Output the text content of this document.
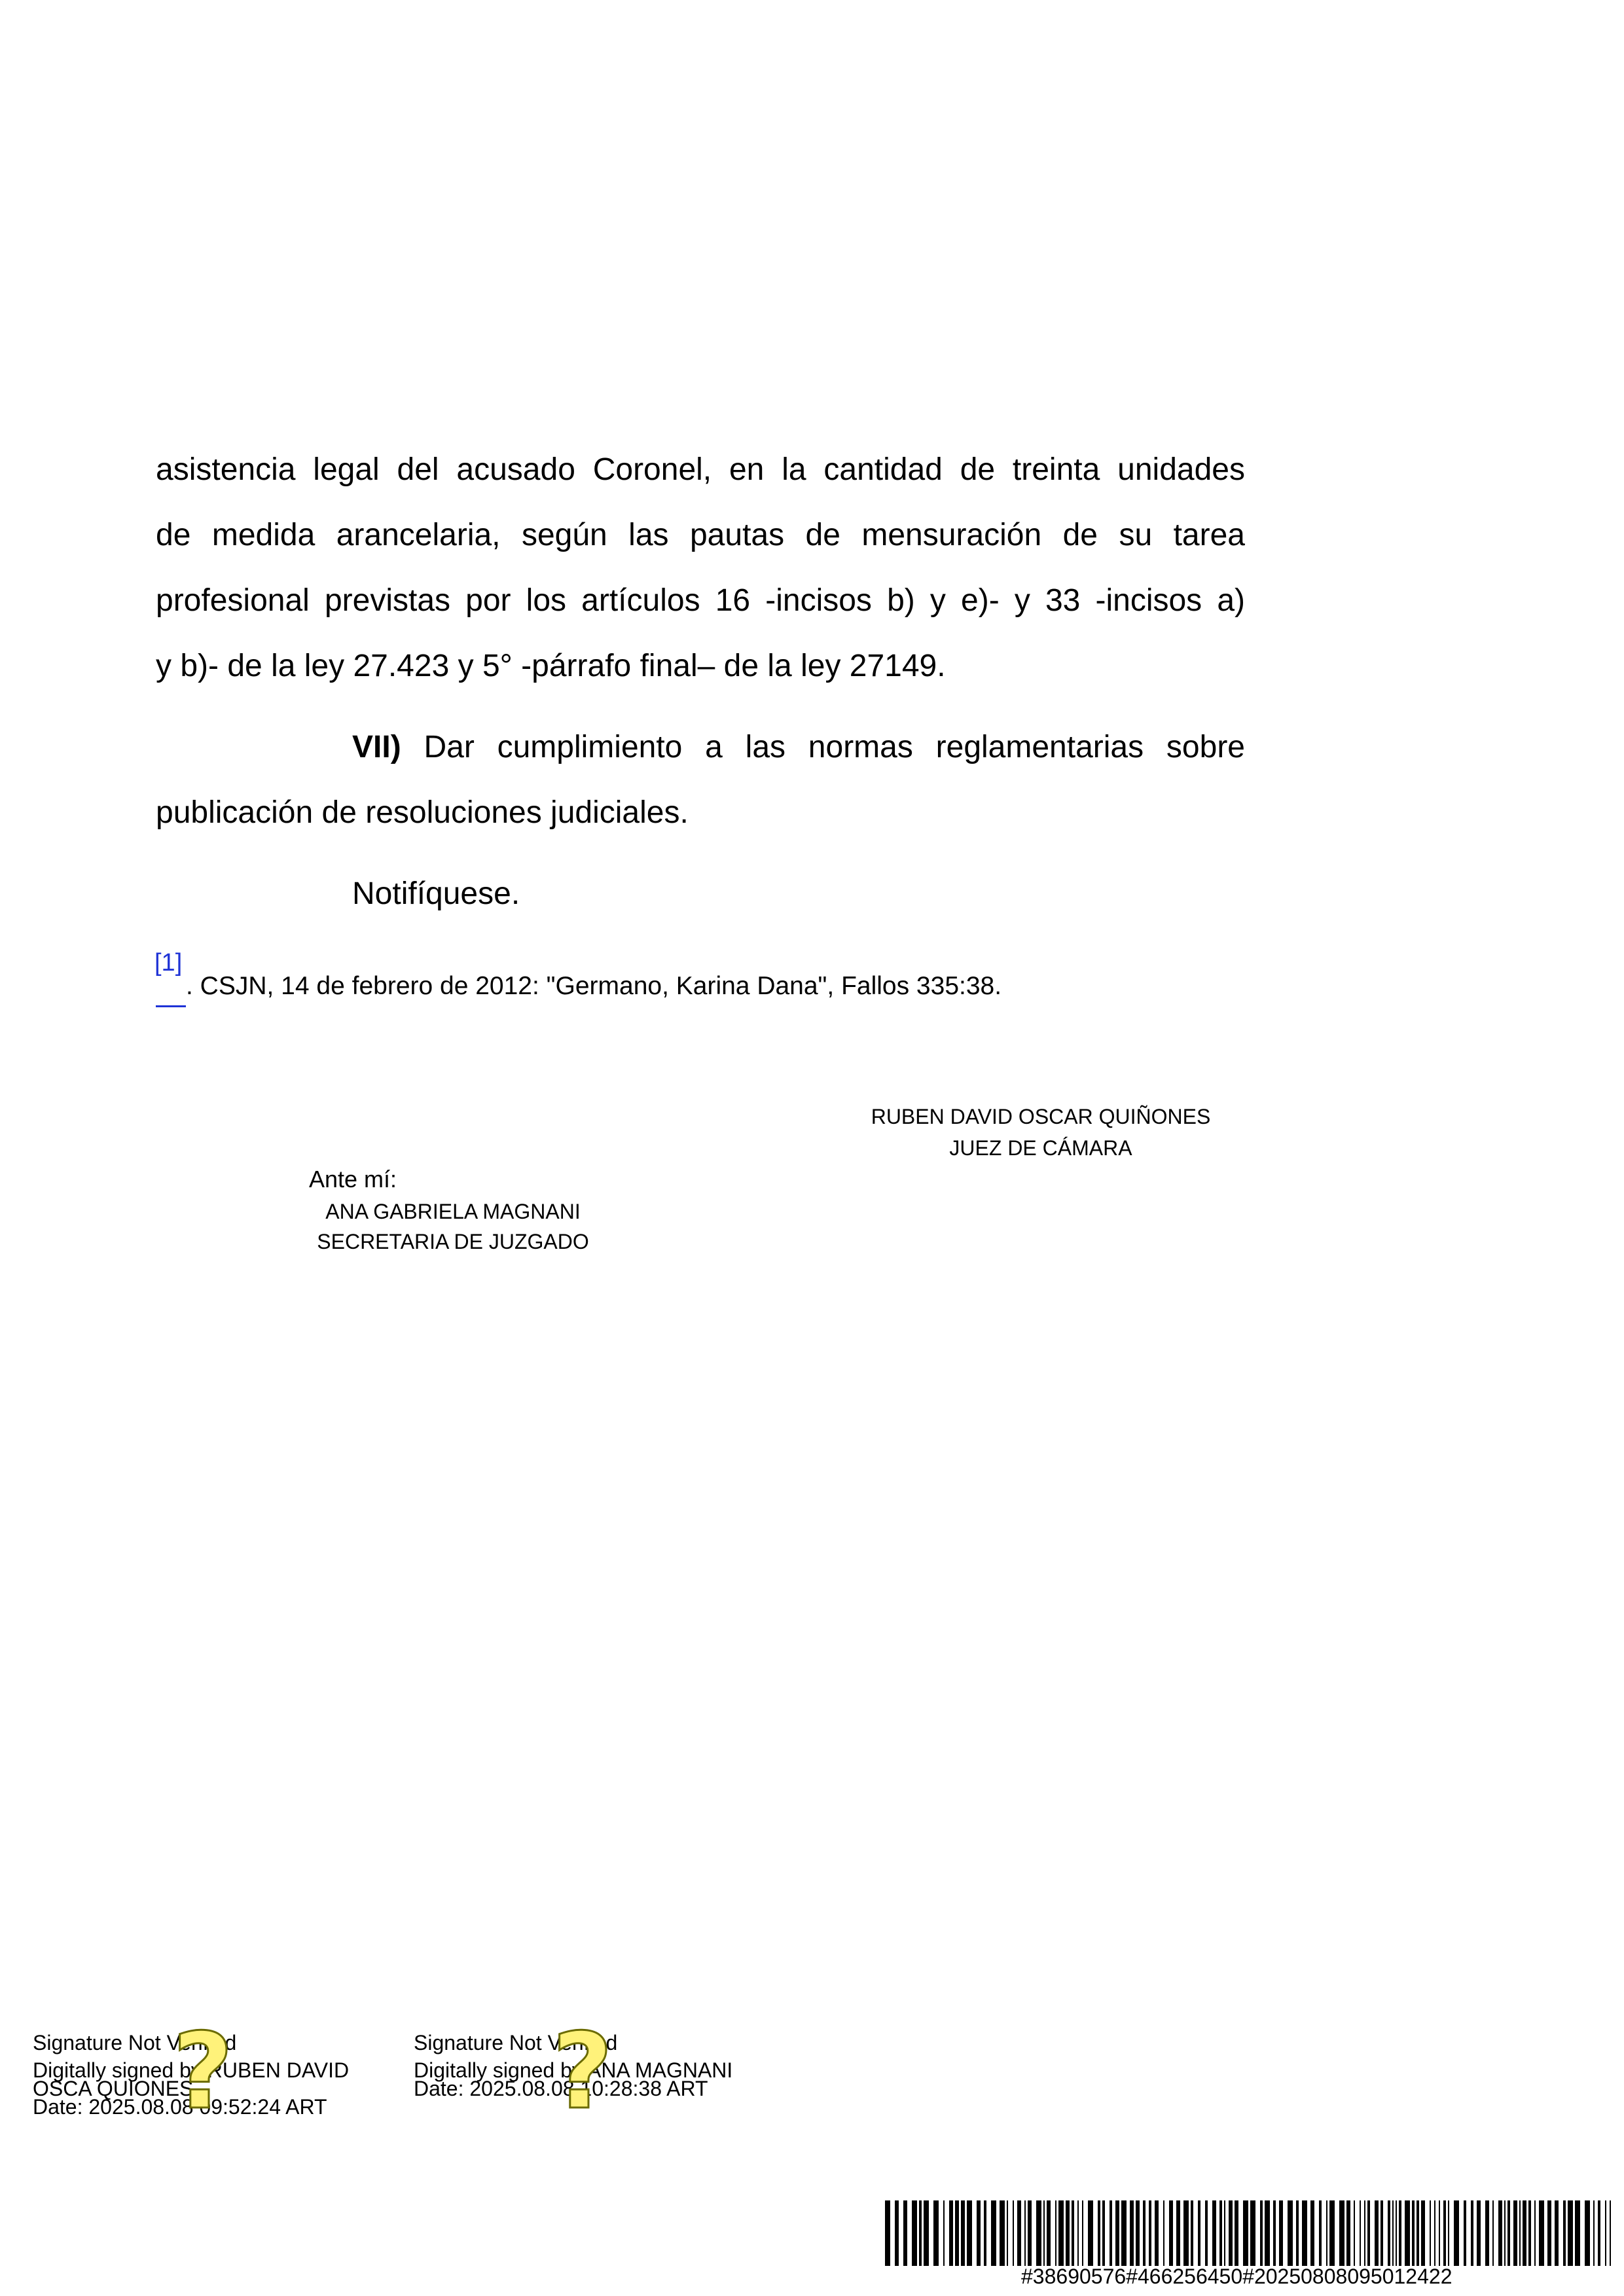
asistencia legal del acusado Coronel, en la cantidad de treinta unidades
de medida arancelaria, según las pautas de mensuración de su tarea
profesional previstas por los artículos 16 -incisos b) y e)- y 33 -incisos a)
y b)- de la ley 27.423 y 5° -párrafo final– de la ley 27149.
VII) Dar cumplimiento a las normas reglamentarias sobre
publicación de resoluciones judiciales.
Notifíquese.
[1]
. CSJN, 14 de febrero de 2012: "Germano, Karina Dana", Fallos 335:38.
RUBEN DAVID OSCAR QUIÑONES
JUEZ DE CÁMARA
Ante mí:
ANA GABRIELA MAGNANI
SECRETARIA DE JUZGADO
Signature Not Verified
Digitally signed by RUBEN DAVID
OSCA QUIONES
Date: 2025.08.08 09:52:24 ART
?	Signature Not Verified
Digitally signed by ANA MAGNANI
Date: 2025.08.08 10:28:38 ART
?
#38690576#466256450#20250808095012422
